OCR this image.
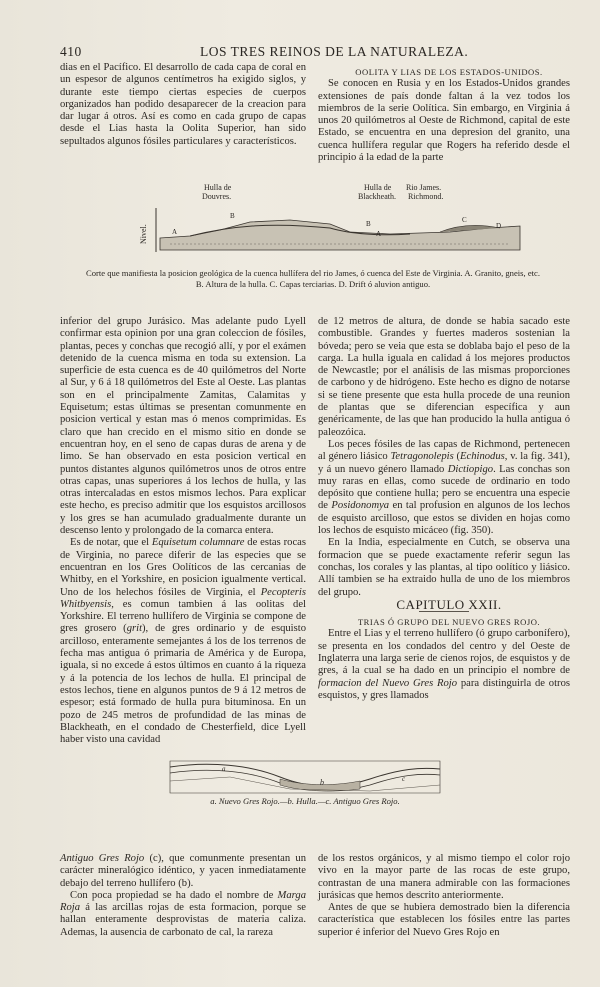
410	LOS TRES REINOS DE LA NATURALEZA.

dias en el Pacífico. El desarrollo de cada capa de coral en un espesor de algunos centímetros ha exigido siglos, y durante este tiempo ciertas especies de cuerpos organizados han podido desaparecer de la creacion para dar lugar á otros. Así es como en cada grupo de capas desde el Lias hasta la Oolita Superior, han sido sepultados algunos fósiles particulares y característicos.

OOLITA Y LIAS DE LOS ESTADOS-UNIDOS.

Se conocen en Rusia y en los Estados-Unidos grandes extensiones de país donde faltan á la vez todos los miembros de la serie Oolítica. Sin embargo, en Virginia á unos 20 quilómetros al Oeste de Richmond, capital de este Estado, se encuentra en una depresion del granito, una cuenca hullífera regular que Rogers ha referido desde el principio á la edad de la parte

Hulla de
Douvres.
Hulla de
Blackheath.
Rio James.
Richmond.
Nivel.	A
B
B
A
C
D
Corte que manifiesta la posicion geológica de la cuenca hullífera del rio James, ó cuenca del Este de Virginia. A. Granito, gneis, etc.
B. Altura de la hulla. C. Capas terciarias. D. Drift ó aluvion antiguo.

inferior del grupo Jurásico. Mas adelante pudo Lyell confirmar esta opinion por una gran coleccion de fósiles, plantas, peces y conchas que recogió allí, y por el exámen detenido de la cuenca misma en toda su extension. La superficie de esta cuenca es de 40 quilómetros del Norte al Sur, y 6 á 18 quilómetros del Este al Oeste. Las plantas son en el principalmente Zamitas, Calamitas y Equisetum; estas últimas se presentan comunmente en posicion vertical y estan mas ó menos comprimidas. Es claro que han crecido en el mismo sitio en donde se encuentran hoy, en el seno de capas duras de arena y de limo. Se han observado en esta posicion vertical en puntos distantes algunos quilómetros unos de otros entre otras capas, unas superiores á los lechos de hulla, y las otras intercaladas en estos mismos lechos. Para explicar este hecho, es preciso admitir que los esquistos arcillosos y los gres se han acumulado gradualmente durante un descenso lento y prolongado de la comarca entera.

Es de notar, que el Equisetum columnare de estas rocas de Virginia, no parece diferir de las especies que se encuentran en los Gres Oolíticos de las cercanias de Whitby, en el Yorkshire, en posicion igualmente vertical. Uno de los helechos fósiles de Virginia, el Pecopteris Whitbyensis, es comun tambien á las oolitas del Yorkshire. El terreno hullífero de Virginia se compone de gres grosero (grit), de gres ordinario y de esquisto arcilloso, enteramente semejantes á los de los terrenos de fecha mas antigua ó primaria de América y de Europa, iguala, si no excede á estos últimos en cuanto á la riqueza y á la potencia de los lechos de hulla. El principal de estos lechos, tiene en algunos puntos de 9 á 12 metros de espesor; está formado de hulla pura bituminosa. En un pozo de 245 metros de profundidad de las minas de Blackheath, en el condado de Chesterfield, dice Lyell haber visto una cavidad

de 12 metros de altura, de donde se habia sacado este combustible. Grandes y fuertes maderos sostenian la bóveda; pero se veia que esta se doblaba bajo el peso de la carga. La hulla iguala en calidad á los mejores productos de Newcastle; por el análisis de las mismas proporciones de carbono y de hidrógeno. Este hecho es digno de notarse si se tiene presente que esta hulla procede de una reunion de plantas que se diferencian específica y aun genéricamente, de las que han producido la hulla antigua ó paleozóica.

Los peces fósiles de las capas de Richmond, pertenecen al género liásico Tetragonolepis (Echinodus, v. la fig. 341), y á un nuevo género llamado Dictiopigo. Las conchas son muy raras en ellas, como sucede de ordinario en todo depósito que contiene hulla; pero se encuentra una especie de Posidonomya en tal profusion en algunos de los lechos de esquisto arcilloso, que estos se dividen en hojas como los lechos de esquisto micáceo (fig. 350).

En la India, especialmente en Cutch, se observa una formacion que se puede exactamente referir segun las conchas, los corales y las plantas, al tipo oolítico y liásico. Allí tambien se ha extraido hulla de uno de los miembros del grupo.

CAPITULO XXII.

TRIAS Ó GRUPO DEL NUEVO GRES ROJO.

Entre el Lias y el terreno hullífero (ó grupo carbonífero), se presenta en los condados del centro y del Oeste de Inglaterra una larga serie de cienos rojos, de esquistos y de gres, á la cual se ha dado en un principio el nombre de formacion del Nuevo Gres Rojo para distinguirla de otros esquistos, y gres llamados

a
b	c
a. Nuevo Gres Rojo.—b. Hulla.—c. Antiguo Gres Rojo.

Antiguo Gres Rojo (c), que comunmente presentan un carácter mineralógico idéntico, y yacen inmediatamente debajo del terreno hullífero (b).

Con poca propiedad se ha dado el nombre de Marga Roja á las arcillas rojas de esta formacion, porque se hallan enteramente desprovistas de materia caliza. Ademas, la ausencia de carbonato de cal, la rareza

de los restos orgánicos, y al mismo tiempo el color rojo vivo en la mayor parte de las rocas de este grupo, contrastan de una manera admirable con las formaciones jurásicas que hemos descrito anteriormente.

Antes de que se hubiera demostrado bien la diferencia característica que establecen los fósiles entre las partes superior é inferior del Nuevo Gres Rojo en
